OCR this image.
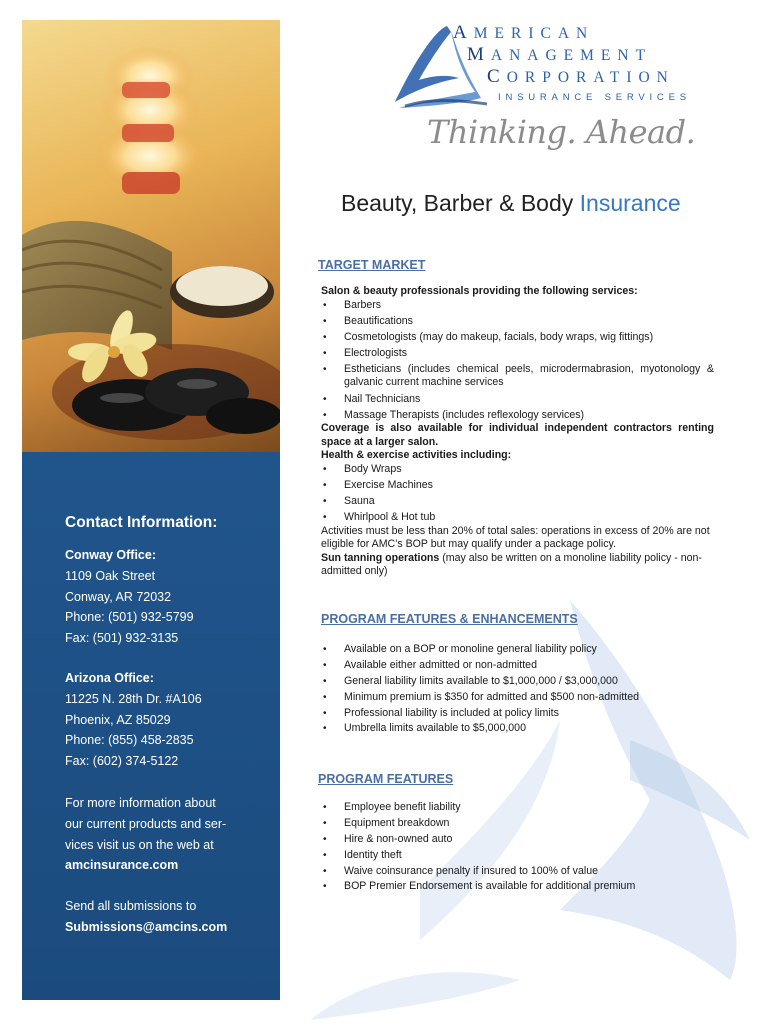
Contact Information:
Conway Office:
1109 Oak Street
Conway, AR 72032
Phone: (501) 932-5799
Fax: (501) 932-3135
Arizona Office:
11225 N. 28th Dr. #A106
Phoenix, AZ 85029
Phone: (855) 458-2835
Fax: (602) 374-5122
For more information about
our current products and ser-
vices visit us on the web at
amcinsurance.com
Send all submissions to
Submissions@amcins.com
AMERICAN
MANAGEMENT
CORPORATION
INSURANCE SERVICES
Thinking. Ahead.
Beauty, Barber & Body Insurance
TARGET MARKET

Salon & beauty professionals providing the following services:

• Barbers
• Beautifications
• Cosmetologists (may do makeup, facials, body wraps, wig fittings)
• Electrologists
• Estheticians (includes chemical peels, microdermabrasion, myotonology & galvanic current machine services
• Nail Technicians
• Massage Therapists (includes reflexology services)

Coverage is also available for individual independent contractors renting space at a larger salon.

Health & exercise activities including:

• Body Wraps
• Exercise Machines
• Sauna
• Whirlpool & Hot tub

Activities must be less than 20% of total sales: operations in excess of 20% are not eligible for AMC’s BOP but may qualify under a package policy.

Sun tanning operations (may also be written on a monoline liability policy - non-admitted only)

PROGRAM FEATURES & ENHANCEMENTS
• Available on a BOP or monoline general liability policy
• Available either admitted or non-admitted
• General liability limits available to $1,000,000 / $3,000,000
• Minimum premium is $350 for admitted and $500 non-admitted
• Professional liability is included at policy limits
• Umbrella limits available to $5,000,000
PROGRAM FEATURES
• Employee benefit liability
• Equipment breakdown
• Hire & non-owned auto
• Identity theft
• Waive coinsurance penalty if insured to 100% of value
• BOP Premier Endorsement is available for additional premium
